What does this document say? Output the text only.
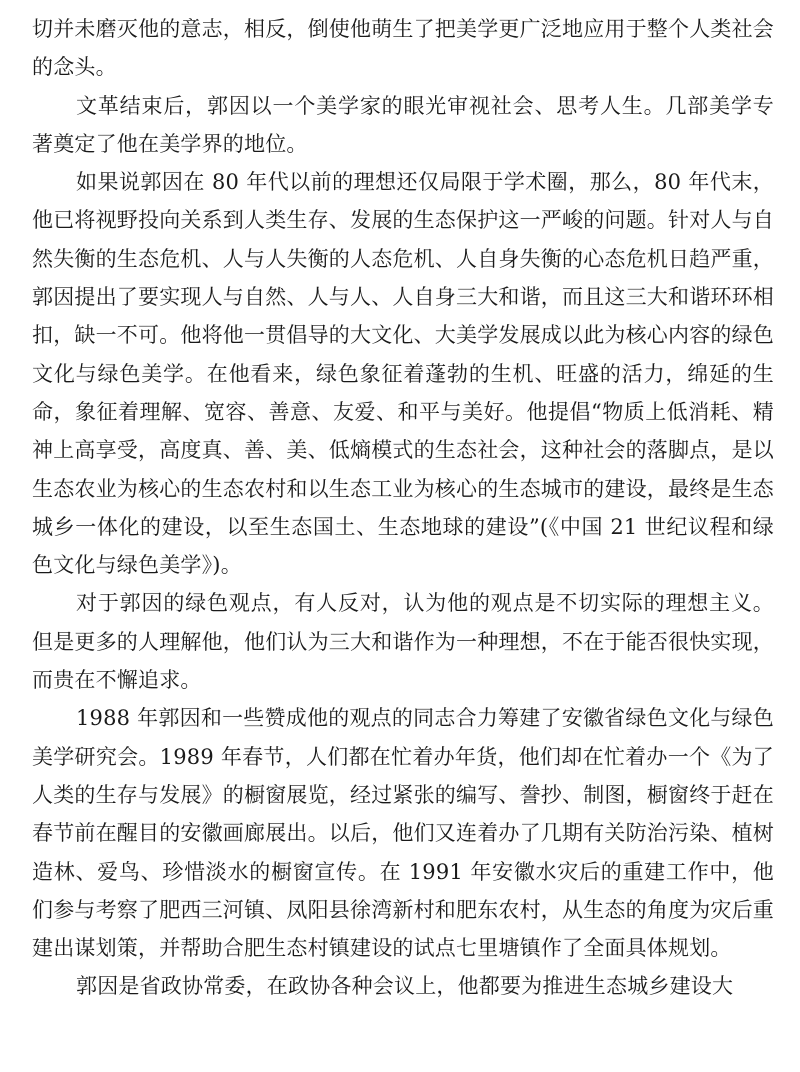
切并未磨灭他的意志，相反，倒使他萌生了把美学更广泛地应用于整个人类社会的念头。

文革结束后，郭因以一个美学家的眼光审视社会、思考人生。几部美学专著奠定了他在美学界的地位。

如果说郭因在 80 年代以前的理想还仅局限于学术圈，那么，80 年代末，他已将视野投向关系到人类生存、发展的生态保护这一严峻的问题。针对人与自然失衡的生态危机、人与人失衡的人态危机、人自身失衡的心态危机日趋严重，郭因提出了要实现人与自然、人与人、人自身三大和谐，而且这三大和谐环环相扣，缺一不可。他将他一贯倡导的大文化、大美学发展成以此为核心内容的绿色文化与绿色美学。在他看来，绿色象征着蓬勃的生机、旺盛的活力，绵延的生命，象征着理解、宽容、善意、友爱、和平与美好。他提倡“物质上低消耗、精神上高享受，高度真、善、美、低熵模式的生态社会，这种社会的落脚点，是以生态农业为核心的生态农村和以生态工业为核心的生态城市的建设，最终是生态城乡一体化的建设，以至生态国土、生态地球的建设”(《中国 21 世纪议程和绿色文化与绿色美学》)。

对于郭因的绿色观点，有人反对，认为他的观点是不切实际的理想主义。但是更多的人理解他，他们认为三大和谐作为一种理想，不在于能否很快实现，而贵在不懈追求。

1988 年郭因和一些赞成他的观点的同志合力筹建了安徽省绿色文化与绿色美学研究会。1989 年春节，人们都在忙着办年货，他们却在忙着办一个《为了人类的生存与发展》的橱窗展览，经过紧张的编写、誊抄、制图，橱窗终于赶在春节前在醒目的安徽画廊展出。以后，他们又连着办了几期有关防治污染、植树造林、爱鸟、珍惜淡水的橱窗宣传。在 1991 年安徽水灾后的重建工作中，他们参与考察了肥西三河镇、凤阳县徐湾新村和肥东农村，从生态的角度为灾后重建出谋划策，并帮助合肥生态村镇建设的试点七里塘镇作了全面具体规划。

郭因是省政协常委，在政协各种会议上，他都要为推进生态城乡建设大
